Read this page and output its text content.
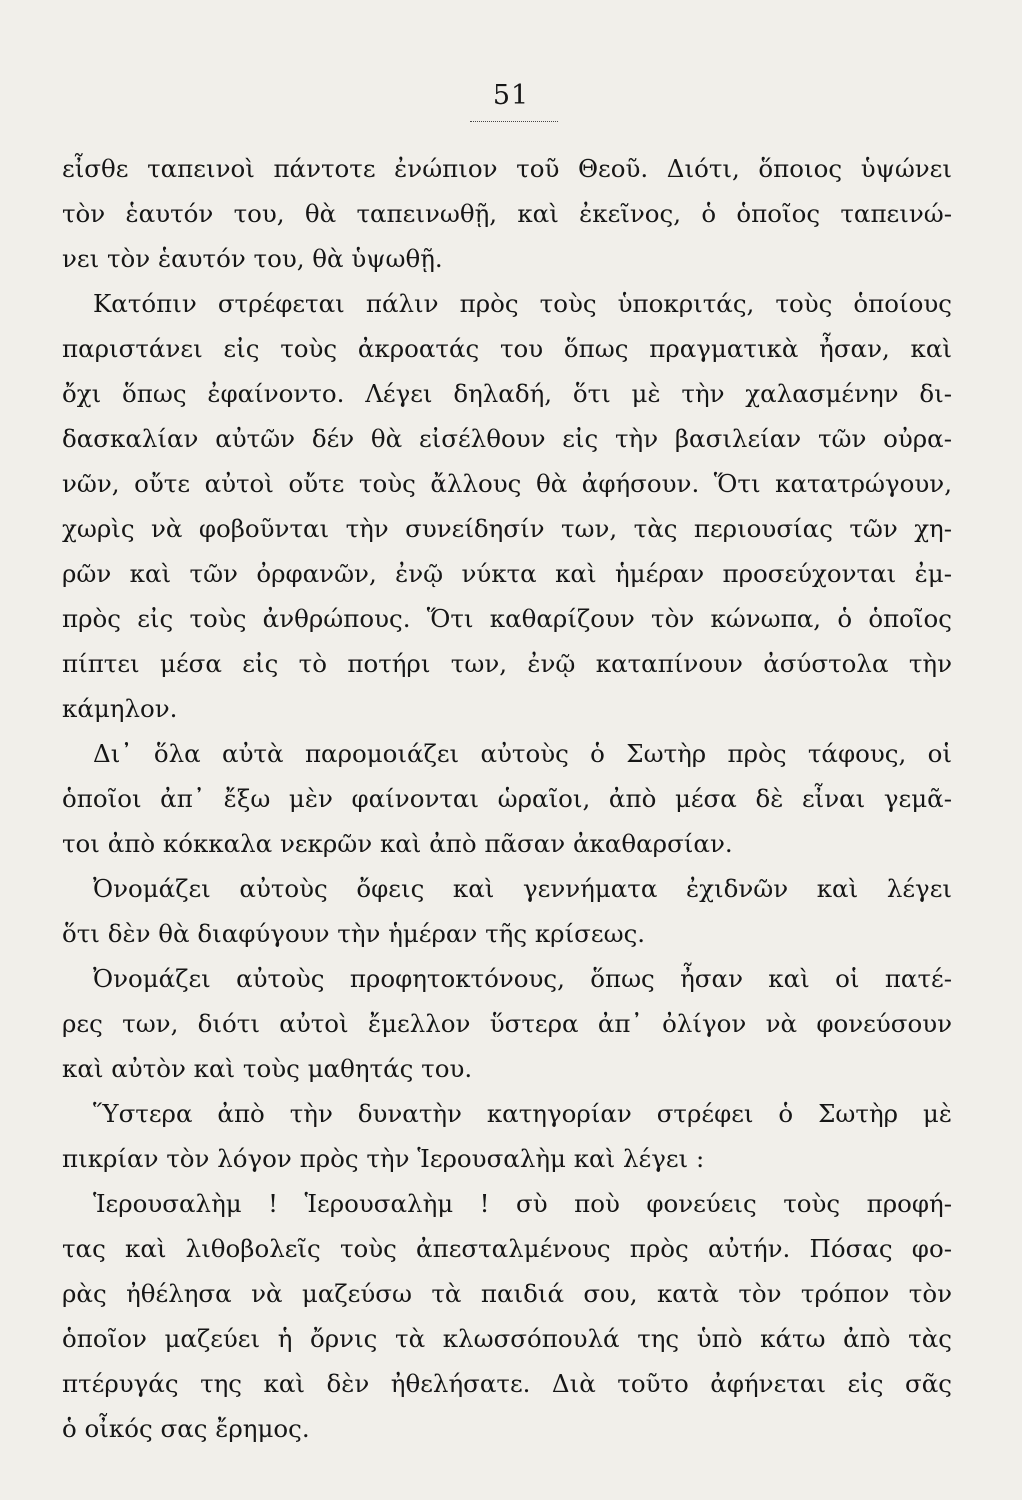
51
εἶσθε ταπεινοὶ πάντοτε ἐνώπιον τοῦ Θεοῦ. Διότι, ὅποιος ὑψώνει
τὸν ἑαυτόν του, θὰ ταπεινωθῇ, καὶ ἐκεῖνος, ὁ ὁποῖος ταπεινώ-
νει τὸν ἑαυτόν του, θὰ ὑψωθῇ.
Κατόπιν στρέφεται πάλιν πρὸς τοὺς ὑποκριτάς, τοὺς ὁποίους
παριστάνει εἰς τοὺς ἀκροατάς του ὅπως πραγματικὰ ἦσαν, καὶ
ὄχι ὅπως ἐφαίνοντο. Λέγει δηλαδή, ὅτι μὲ τὴν χαλασμένην δι-
δασκαλίαν αὐτῶν δέν θὰ εἰσέλθουν εἰς τὴν βασιλείαν τῶν οὐρα-
νῶν, οὔτε αὐτοὶ οὔτε τοὺς ἄλλους θὰ ἀφήσουν. Ὅτι κατατρώγουν,
χωρὶς νὰ φοβοῦνται τὴν συνείδησίν των, τὰς περιουσίας τῶν χη-
ρῶν καὶ τῶν ὀρφανῶν, ἐνῷ νύκτα καὶ ἡμέραν προσεύχονται ἐμ-
πρὸς εἰς τοὺς ἀνθρώπους. Ὅτι καθαρίζουν τὸν κώνωπα, ὁ ὁποῖος
πίπτει μέσα εἰς τὸ ποτήρι των, ἐνῷ καταπίνουν ἀσύστολα τὴν
κάμηλον.
Δι᾽ ὅλα αὐτὰ παρομοιάζει αὐτοὺς ὁ Σωτὴρ πρὸς τάφους, οἱ
ὁποῖοι ἀπ᾽ ἔξω μὲν φαίνονται ὡραῖοι, ἀπὸ μέσα δὲ εἶναι γεμᾶ-
τοι ἀπὸ κόκκαλα νεκρῶν καὶ ἀπὸ πᾶσαν ἀκαθαρσίαν.
Ὀνομάζει αὐτοὺς ὄφεις καὶ γεννήματα ἐχιδνῶν καὶ λέγει
ὅτι δὲν θὰ διαφύγουν τὴν ἡμέραν τῆς κρίσεως.
Ὀνομάζει αὐτοὺς προφητοκτόνους, ὅπως ἦσαν καὶ οἱ πατέ-
ρες των, διότι αὐτοὶ ἔμελλον ὕστερα ἀπ᾽ ὀλίγον νὰ φονεύσουν
καὶ αὐτὸν καὶ τοὺς μαθητάς του.
Ὕστερα ἀπὸ τὴν δυνατὴν κατηγορίαν στρέφει ὁ Σωτὴρ μὲ
πικρίαν τὸν λόγον πρὸς τὴν Ἱερουσαλὴμ καὶ λέγει :
Ἱερουσαλὴμ ! Ἱερουσαλὴμ ! σὺ ποὺ φονεύεις τοὺς προφή-
τας καὶ λιθοβολεῖς τοὺς ἀπεσταλμένους πρὸς αὐτήν. Πόσας φο-
ρὰς ἠθέλησα νὰ μαζεύσω τὰ παιδιά σου, κατὰ τὸν τρόπον τὸν
ὁποῖον μαζεύει ἡ ὄρνις τὰ κλωσσόπουλά της ὑπὸ κάτω ἀπὸ τὰς
πτέρυγάς της καὶ δὲν ἠθελήσατε. Διὰ τοῦτο ἀφήνεται εἰς σᾶς
ὁ οἶκός σας ἔρημος.
